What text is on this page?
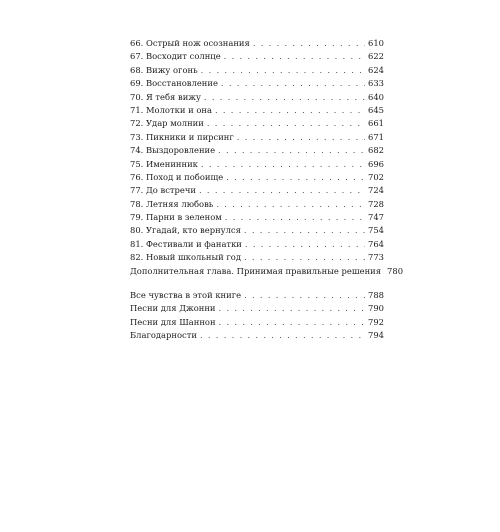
66. Острый нож осознания . . .	610
67. Восходит солнце . . .	622
68. Вижу огонь . . .	624
69. Восстановление . . .	633
70. Я тебя вижу . . .	640
71. Молотки и она . . .	645
72. Удар молнии . . .	661
73. Пикники и пирсинг . . .	671
74. Выздоровление . . .	682
75. Именинник . . .	696
76. Поход и побоище . . .	702
77. До встречи . . .	724
78. Летняя любовь . . .	728
79. Парни в зеленом . . .	747
80. Угадай, кто вернулся . . .	754
81. Фестивали и фанатки . . .	764
82. Новый школьный год . . .	773
Дополнительная глава. Принимая правильные решения 780
Все чувства в этой книге . . .	788
Песни для Джонни . . .	790
Песни для Шаннон . . .	792
Благодарности . . .	794
